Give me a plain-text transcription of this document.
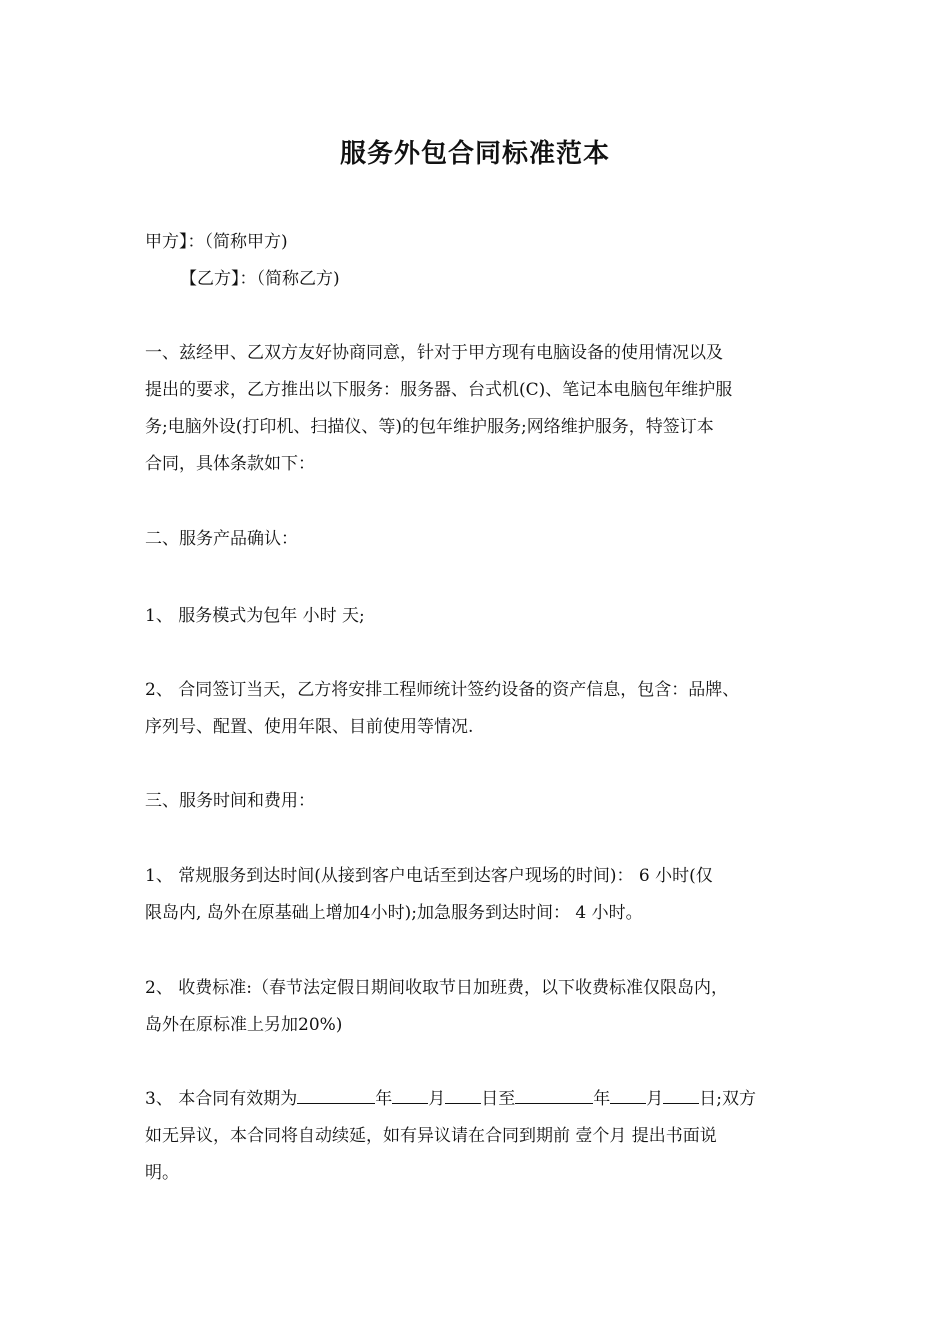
服务外包合同标准范本
甲方】：（简称甲方)
【乙方】：（简称乙方)
一、兹经甲、乙双方友好协商同意，针对于甲方现有电脑设备的使用情况以及
提出的要求，乙方推出以下服务：服务器、台式机(C)、笔记本电脑包年维护服
务;电脑外设(打印机、扫描仪、等)的包年维护服务;网络维护服务，特签订本
合同，具体条款如下：
二、服务产品确认：
1、 服务模式为包年 小时 天;
2、 合同签订当天，乙方将安排工程师统计签约设备的资产信息，包含：品牌、
序列号、配置、使用年限、目前使用等情况.
三、服务时间和费用：
1、 常规服务到达时间(从接到客户电话至到达客户现场的时间)： 6 小时(仅
限岛内, 岛外在原基础上增加4小时);加急服务到达时间： 4 小时。
2、 收费标准:（春节法定假日期间收取节日加班费，以下收费标准仅限岛内，
岛外在原标准上另加20%)
3、 本合同有效期为	年 月 日至	年 月 日;双方
如无异议，本合同将自动续延，如有异议请在合同到期前 壹个月 提出书面说
明。
